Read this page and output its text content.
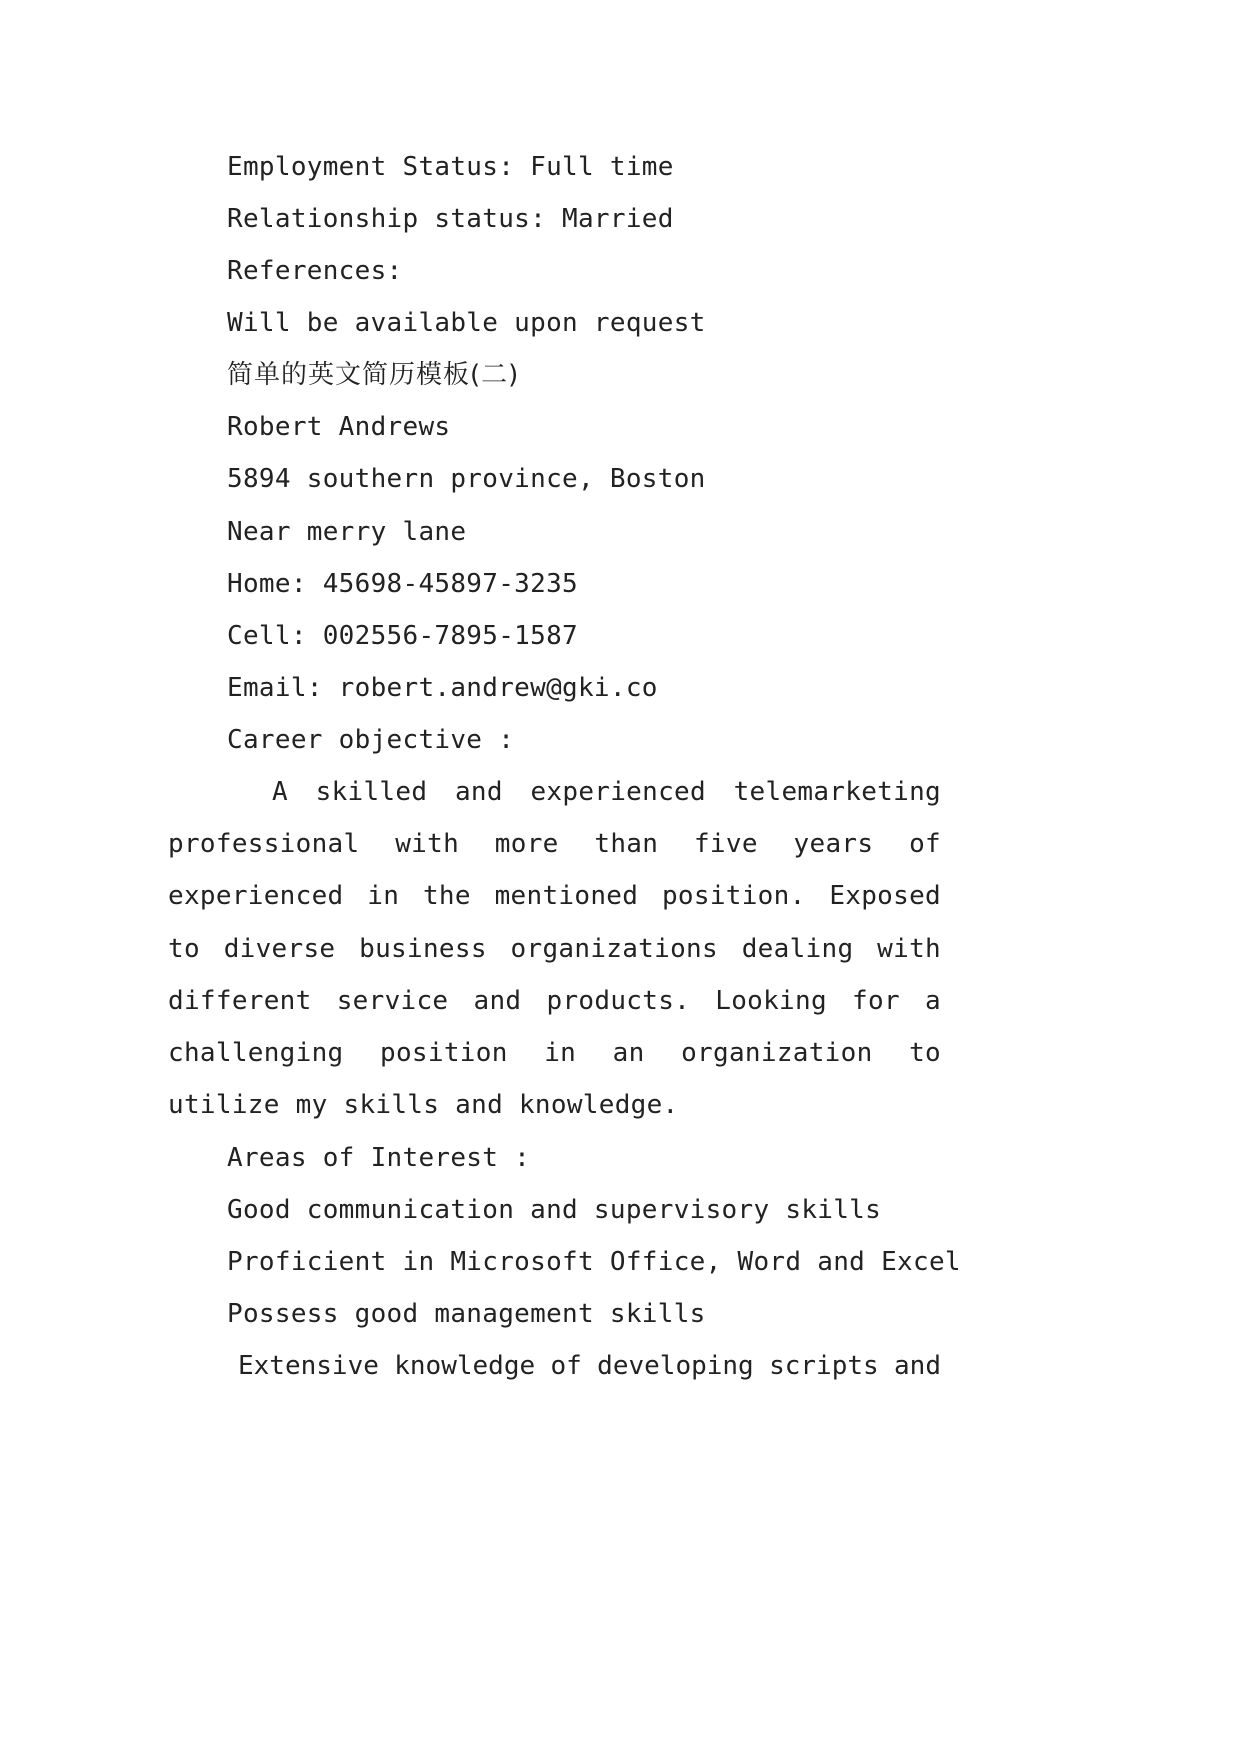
Employment Status: Full time
Relationship status: Married
References:
Will be available upon request
简单的英文简历模板(二)
Robert Andrews
5894 southern province, Boston
Near merry lane
Home: 45698-45897-3235
Cell: 002556-7895-1587
Email: robert.andrew@gki.co
Career objective :
A skilled and experienced telemarketing professional with more than five years of experienced in the mentioned position. Exposed to diverse business organizations dealing with different service and products. Looking for a challenging position in an organization to utilize my skills and knowledge.
Areas of Interest :
Good communication and supervisory skills
Proficient in Microsoft Office, Word and Excel
Possess good management skills
Extensive knowledge of developing scripts and
